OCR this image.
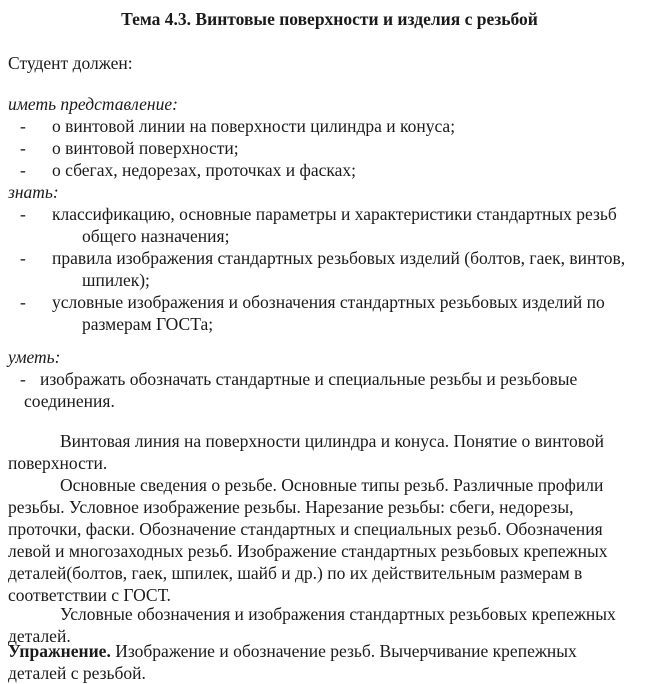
Тема 4.3. Винтовые поверхности и изделия с резьбой
Студент должен:
иметь представление:
- о винтовой линии на поверхности цилиндра и конуса;
- о винтовой поверхности;
- о сбегах, недорезах, проточках и фасках;
знать:
- классификацию, основные параметры и характеристики стандартных резьб
общего назначения;
- правила изображения стандартных резьбовых изделий (болтов, гаек, винтов,
шпилек);
- условные изображения и обозначения стандартных резьбовых изделий по
размерам ГОСТа;
уметь:
- изображать обозначать стандартные и специальные резьбы и резьбовые
соединения.
Винтовая линия на поверхности цилиндра и конуса. Понятие о винтовой
поверхности.
Основные сведения о резьбе. Основные типы резьб. Различные профили
резьбы. Условное изображение резьбы. Нарезание резьбы: сбеги, недорезы,
проточки, фаски. Обозначение стандартных и специальных резьб. Обозначения
левой и многозаходных резьб. Изображение стандартных резьбовых крепежных
деталей(болтов, гаек, шпилек, шайб и др.) по их действительным размерам в
соответствии с ГОСТ.
Условные обозначения и изображения стандартных резьбовых крепежных
деталей.
Упражнение. Изображение и обозначение резьб. Вычерчивание крепежных
деталей с резьбой.
